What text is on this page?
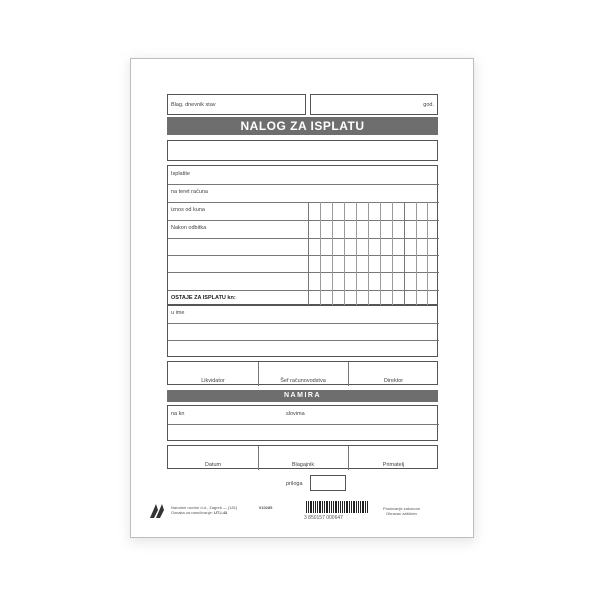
Blag. dnevnik stav	god.
NALOG ZA ISPLATU
Isplatite
na teret računa
iznos od kuna
Nakon odbitka
OSTAJE ZA ISPLATU kn:
u ime
Likvidator	Šef računovodstva	Direktor
NAMIRA
na kn	slovima
Datum	Blagajnik	Primatelj
priloga
Narodne novine d.d., Zagreb — [181]
Oznaka za naručivanje: UT-I-43
010285
3 850157 000647
Poslovanje zakonom
Obrazac zaštićen
